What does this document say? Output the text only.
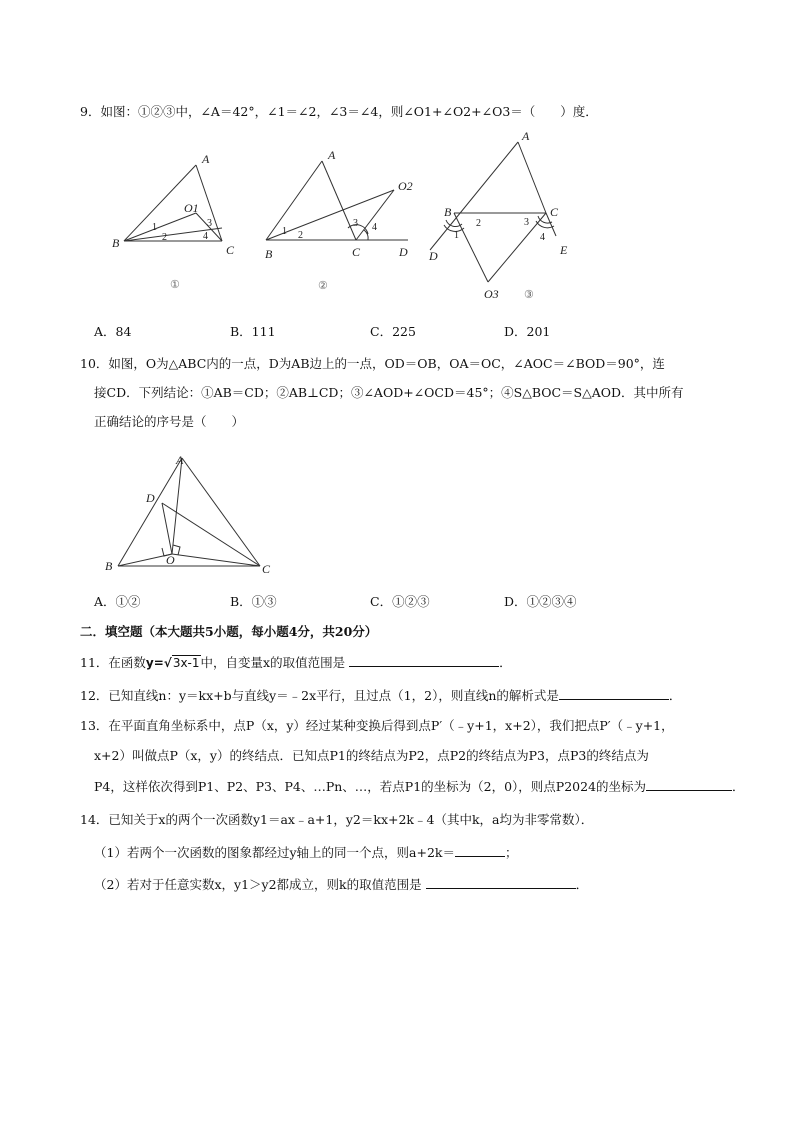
9．如图：①②③中，∠A＝42°，∠1＝∠2，∠3＝∠4，则∠O1+∠O2+∠O3＝（　　）度．
A
B	C
O1
1
2
3
4
①
A
B	C	D
O2
1 2
3 4
②
A
B	C
D	E
O3
1
2	3
4
③
A．84	B．111	C．225	D．201
10．如图，O为△ABC内的一点，D为AB边上的一点，OD＝OB，OA＝OC，∠AOC＝∠BOD＝90°，连
接CD．下列结论：①AB＝CD；②AB⊥CD；③∠AOD+∠OCD＝45°；④S△BOC＝S△AOD．其中所有
正确结论的序号是（　　）
A
B	C
D
O
A．①②	B．①③	C．①②③	D．①②③④
二．填空题（本大题共5小题，每小题4分，共20分）
11．在函数y=√3x-1中，自变量x的取值范围是	．
12．已知直线n：y＝kx+b与直线y＝﹣2x平行，且过点（1，2），则直线n的解析式是	．
13．在平面直角坐标系中，点P（x，y）经过某种变换后得到点P′（﹣y+1，x+2），我们把点P′（﹣y+1，
x+2）叫做点P（x，y）的终结点．已知点P1的终结点为P2，点P2的终结点为P3，点P3的终结点为
P4，这样依次得到P1、P2、P3、P4、…Pn、…，若点P1的坐标为（2，0），则点P2024的坐标为	．
14．已知关于x的两个一次函数y1＝ax﹣a+1，y2＝kx+2k﹣4（其中k，a均为非零常数）．
（1）若两个一次函数的图象都经过y轴上的同一个点，则a+2k＝	；
（2）若对于任意实数x，y1＞y2都成立，则k的取值范围是	．
